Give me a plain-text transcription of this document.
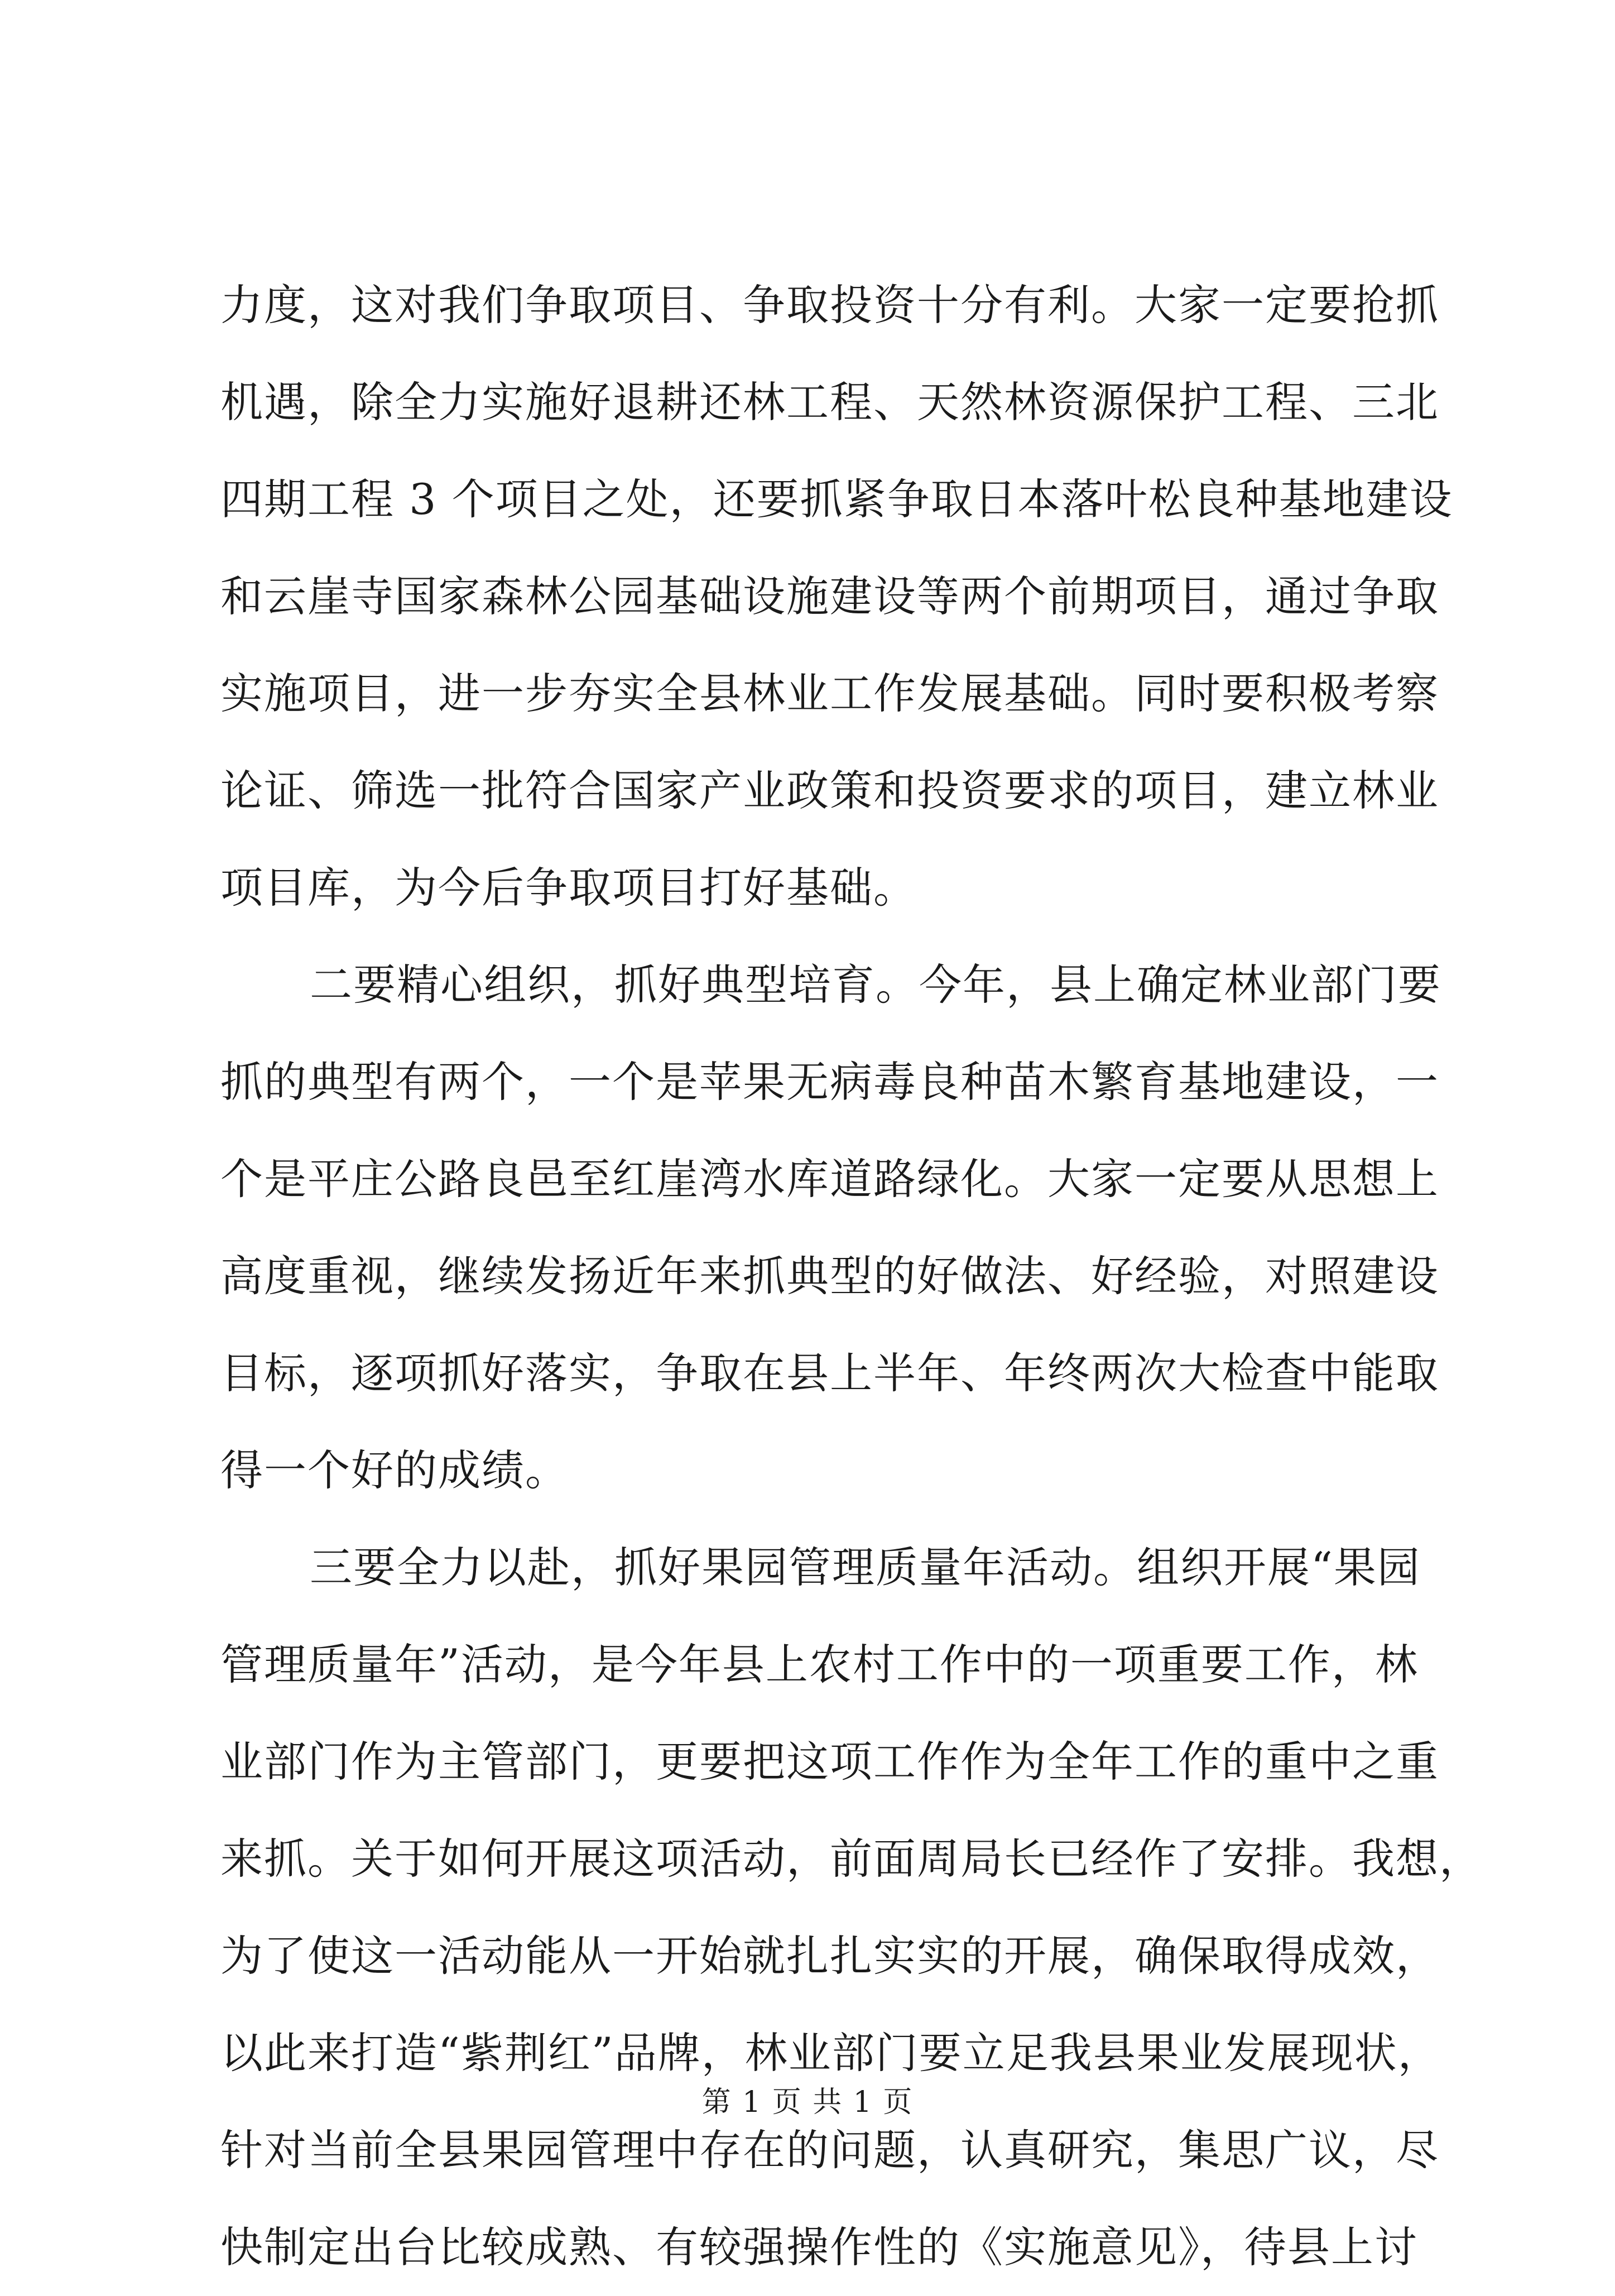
力度，这对我们争取项目、争取投资十分有利。大家一定要抢抓
机遇，除全力实施好退耕还林工程、天然林资源保护工程、三北
四期工程 3 个项目之处，还要抓紧争取日本落叶松良种基地建设
和云崖寺国家森林公园基础设施建设等两个前期项目，通过争取
实施项目，进一步夯实全县林业工作发展基础。同时要积极考察
论证、筛选一批符合国家产业政策和投资要求的项目，建立林业
项目库，为今后争取项目打好基础。
二要精心组织，抓好典型培育。今年，县上确定林业部门要
抓的典型有两个，一个是苹果无病毒良种苗木繁育基地建设，一
个是平庄公路良邑至红崖湾水库道路绿化。大家一定要从思想上
高度重视，继续发扬近年来抓典型的好做法、好经验，对照建设
目标，逐项抓好落实，争取在县上半年、年终两次大检查中能取
得一个好的成绩。
三要全力以赴，抓好果园管理质量年活动。组织开展“果园
管理质量年”活动，是今年县上农村工作中的一项重要工作，林
业部门作为主管部门，更要把这项工作作为全年工作的重中之重
来抓。关于如何开展这项活动，前面周局长已经作了安排。我想，
为了使这一活动能从一开始就扎扎实实的开展，确保取得成效，
以此来打造“紫荆红”品牌，林业部门要立足我县果业发展现状，
针对当前全县果园管理中存在的问题，认真研究，集思广议，尽
快制定出台比较成熟、有较强操作性的《实施意见》，待县上讨
第 1 页 共 1 页
